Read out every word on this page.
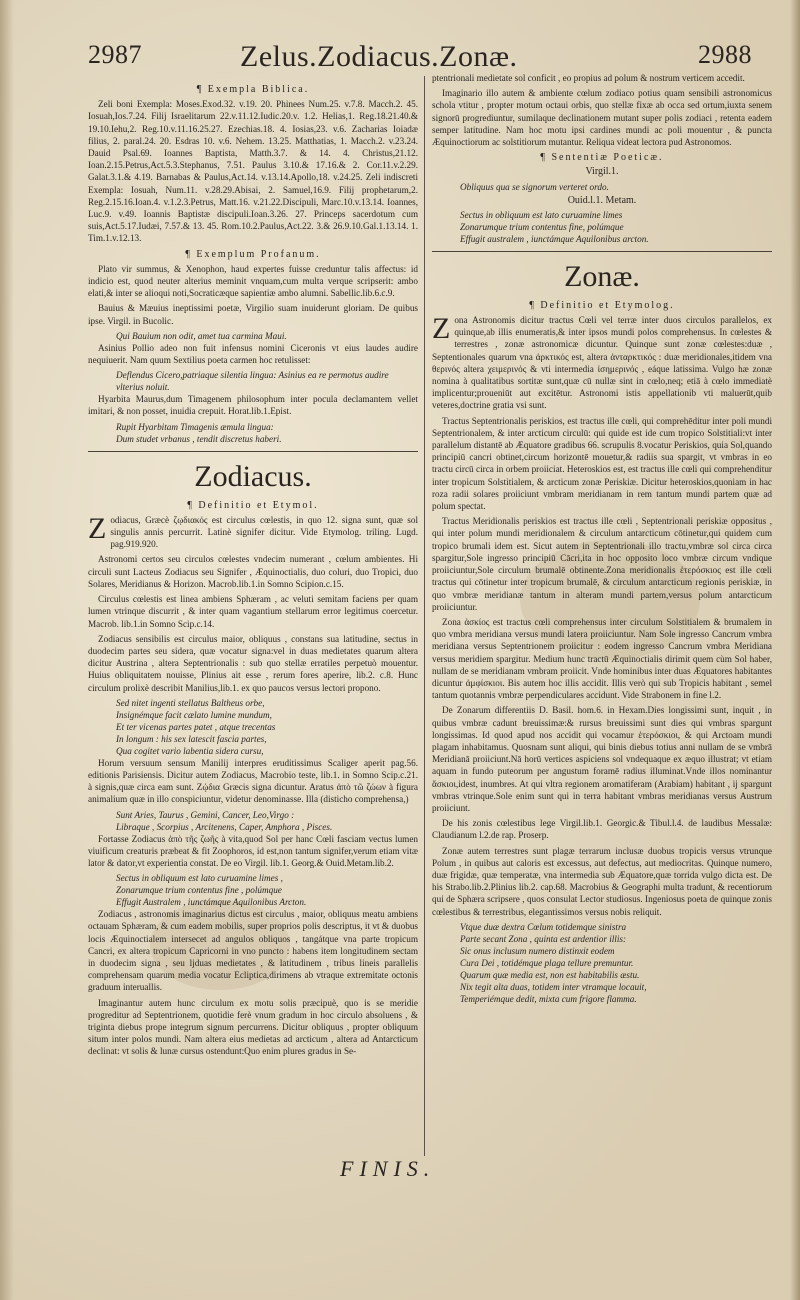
2987	Zelus.Zodiacus.Zonæ.	2988
¶ Exempla Biblica.
Zeli boni Exempla: Moses.Exod.32. v.19. 20. Phinees Num.25. v.7.8. Macch.2. 45. Iosuah,Ios.7.24. Filij Israelitarum 22.v.11.12.Iudic.20.v. 1.2. Helias,1. Reg.18.21.40.& 19.10.Iehu,2. Reg.10.v.11.16.25.27. Ezechias.18. 4. Iosias,23. v.6. Zacharias Ioiadæ filius, 2. paral.24. 20. Esdras 10. v.6. Nehem. 13.25. Matthatias, 1. Macch.2. v.23.24. Dauid Psal.69. Ioannes Baptista, Matth.3.7. & 14. 4. Christus,21.12. Ioan.2.15.Petrus,Act.5.3.Stephanus, 7.51. Paulus 3.10.& 17.16.& 2. Cor.11.v.2.29. Galat.3.1.& 4.19. Barnabas & Paulus,Act.14. v.13.14.Apollo,18. v.24.25. Zeli indiscreti Exempla: Iosuah, Num.11. v.28.29.Abisai, 2. Samuel,16.9. Filij prophetarum,2. Reg.2.15.16.Ioan.4. v.1.2.3.Petrus, Matt.16. v.21.22.Discipuli, Marc.10.v.13.14. Ioannes, Luc.9. v.49. Ioannis Baptistæ discipuli.Ioan.3.26. 27. Princeps sacerdotum cum suis,Act.5.17.Iudæi, 7.57.& 13. 45. Rom.10.2.Paulus,Act.22. 3.& 26.9.10.Gal.1.13.14. 1. Tim.1.v.12.13.
¶ Exemplum Profanum.
Plato vir summus, & Xenophon, haud expertes fuisse creduntur talis affectus: id indicio est, quod neuter alterius meminit vnquam,cum multa verque scripserit: ambo elati,& inter se alioqui noti,Socraticæque sapientiæ ambo alumni. Sabellic.lib.6.c.9.
Bauius & Mæuius ineptissimi poetæ, Virgilio suam inuiderunt gloriam. De quibus ipse. Virgil. in Bucolic.
Qui Bauium non odit, amet tua carmina Maui.
Asinius Pollio adeo non fuit infensus nomini Ciceronis vt eius laudes audire nequiuerit. Nam quum Sextilius poeta carmen hoc retulisset:
Deflendus Cicero,patriaque silentia lingua: Asinius ea re permotus audire vlterius noluit.
Hyarbita Maurus,dum Timagenem philosophum inter pocula declamantem vellet imitari, & non posset, inuidia crepuit. Horat.lib.1.Epist.
Rupit Hyarbitam Timagenis æmula lingua:
Dum studet vrbanus , tendit discretus haberi.
Zodiacus.
¶ Definitio et Etymol.
Zodiacus, Græcè ζῳδιακός est circulus cœlestis, in quo 12. signa sunt, quæ sol singulis annis percurrit. Latinè signifer dicitur. Vide Etymolog. triling. Lugd. pag.919.920.
Astronomi certos seu circulos cœlestes vndecim numerant , cœlum ambientes. Hi circuli sunt Lacteus Zodiacus seu Signifer , Æquinoctialis, duo coluri, duo Tropici, duo Solares, Meridianus & Horizon. Macrob.lib.1.in Somno Scipion.c.15.
Circulus cœlestis est linea ambiens Sphæram , ac veluti semitam faciens per quam lumen vtrinque discurrit , & inter quam vagantium stellarum error legitimus coercetur. Macrob. lib.1.in Somno Scip.c.14.
Zodiacus sensibilis est circulus maior, obliquus , constans sua latitudine, sectus in duodecim partes seu sidera, quæ vocatur signa:vel in duas medietates quarum altera dicitur Austrina , altera Septentrionalis : sub quo stellæ erratiles perpetuò mouentur. Huius obliquitatem nouisse, Plinius ait esse , rerum fores aperire, lib.2. c.8. Hunc circulum prolixè describit Manilius,lib.1. ex quo paucos versus lectori propono.
Sed nitet ingenti stellatus Baltheus orbe,
Insignémque facit cælato lumine mundum,
Et ter vicenas partes patet , atque trecentas
In longum : his sex latescit fascia partes,
Qua cogitet vario labentia sidera cursu,
Horum versuum sensum Manilij interpres eruditissimus Scaliger aperit pag.56. editionis Parisiensis. Dicitur autem Zodiacus, Macrobio teste, lib.1. in Somno Scip.c.21. à signis,quæ circa eam sunt. Ζῴδια Græcis signa dicuntur. Aratus ἀπὸ τῶ ζώων à figura animalium quæ in illo conspiciuntur, videtur denominasse. Illa (disticho comprehensa,)
Sunt Aries, Taurus , Gemini, Cancer, Leo,Virgo :
Libraque , Scorpius , Arcitenens, Caper, Amphora , Pisces.
Fortasse Zodiacus ἀπὸ τῆς ζωῆς à vita,quod Sol per hanc Cœli fasciam vectus lumen viuificum creaturis præbeat & fit Zoophoros, id est,non tantum signifer,verum etiam vitæ lator & dator,vt experientia constat. De eo Virgil. lib.1. Georg.& Ouid.Metam.lib.2.
Sectus in obliquum est lato curuamine limes ,
Zonarumque trium contentus fine , polúmque
Effugit Australem , iunctámque Aquilonibus Arcton.
Zodiacus , astronomis imaginarius dictus est circulus , maior, obliquus meatu ambiens octauam Sphæram, & cum eadem mobilis, super proprios polis descriptus, it vt & duobus locis Æquinoctialem intersecet ad angulos obliquos , tangátque vna parte tropicum Cancri, ex altera tropicum Capricorni in vno puncto : habens item longitudinem sectam in duodecim signa , seu ljduas medietates , & latitudinem , tribus lineis parallelis comprehensam quarum media vocatur Ecliptica,dirimens ab vtraque extremitate octonis graduum interuallis.
Imaginantur autem hunc circulum ex motu solis præcipuè, quo is se meridie progreditur ad Septentrionem, quotidie ferè vnum gradum in hoc circulo absoluens , & triginta diebus prope integrum signum percurrens. Dicitur obliquus , propter obliquum situm inter polos mundi. Nam altera eius medietas ad arcticum , altera ad Antarcticum declinat: vt solis & lunæ cursus ostendunt:Quo enim plures gradus in Se-
ptentrionali medietate sol conficit , eo propius ad polum & nostrum verticem accedit.
Imaginario illo autem & ambiente cœlum zodiaco potius quam sensibili astronomicus schola vtitur , propter motum octaui orbis, quo stellæ fixæ ab occa sed ortum,iuxta senem signorū progrediuntur, sumilaque declinationem mutant super polis zodiaci , retenta eadem semper latitudine. Nam hoc motu ipsi cardines mundi ac poli mouentur , & puncta Æquinoctiorum ac solstitiorum mutantur. Reliqua videat lectora pud Astronomos.
¶ Sententiæ Poeticæ.
Virgil.1.
Obliquus qua se signorum verteret ordo.
Ouid.l.1. Metam.
Sectus in obliquum est lato curuamine limes
Zonarumque trium contentus fine, polúmque
Effugit australem , iunctámque Aquilonibus arcton.
Zonæ.
¶ Definitio et Etymolog.
Zona Astronomis dicitur tractus Cœli vel terræ inter duos circulos parallelos, ex quinque,ab illis enumeratis,& inter ipsos mundi polos comprehensus. In cœlestes & terrestres , zonæ astronomicæ dicuntur. Quinque sunt zonæ cœlestes:duæ , Septentionales quarum vna ἀρκτικός est, altera ἀνταρκτικός : duæ meridionales,itidem vna θερινός altera χειμερινός & vti intermedia ἰσημερινός , eáque latissima. Vulgo hæ zonæ nomina à qualitatibus sortitæ sunt,quæ cū nullæ sint in cœlo,neq; etiā à cœlo immediatè implicentur;proueniūt aut excitētur. Astronomi istis appellationib vti maluerūt,quib veteres,doctrine gratia vsi sunt.
Tractus Septentrionalis periskios, est tractus ille cœli, qui comprehēditur inter poli mundi Septentrionalem, & inter arcticum circulū: qui quide est ide cum tropico Solstitiali:vt inter parallelum distantē ab Æquatore gradibus 66. scrupulis 8.vocatur Periskios, quia Sol,quando principiū cancri obtinet,circum horizontē mouetur,& radiis sua spargit, vt vmbras in eo tractu circū circa in orbem proiiciat. Heteroskios est, est tractus ille cœli qui comprehenditur inter tropicum Solstitialem, & arcticum zonæ Periskiæ. Dicitur heteroskios,quoniam in hac roza radii solares proiiciunt vmbram meridianam in rem tantum mundi partem quæ ad polum spectat.
Tractus Meridionalis periskios est tractus ille cœli , Septentrionali periskiæ oppositus , qui inter polum mundi meridionalem & circulum antarcticum cōtinetur,qui quidem cum tropico brumali idem est. Sicut autem in Septentrionali illo tractu,vmbræ sol circa circa spargitur,Sole ingresso principiū Cācri,ita in hoc opposito loco vmbræ circum vndique proiiciuntur,Sole circulum brumalē obtinente.Zona meridionalis ἑτερόσκιος est ille cœli tractus qui cōtinetur inter tropicum brumalē, & circulum antarcticum regionis periskiæ, in quo vmbræ meridianæ tantum in alteram mundi partem,versus polum antarcticum proiiciuntur.
Zona ἀσκίος est tractus cœli comprehensus inter circulum Solstitialem & brumalem in quo vmbra meridiana versus mundi latera proiiciuntur. Nam Sole ingresso Cancrum vmbra meridiana versus Septentrionem proiicitur : eodem ingresso Cancrum vmbra Meridiana versus meridiem spargitur. Medium hunc tractū Æquinoctialis dirimit quem cùm Sol haber, nullam de se meridianam vmbram proiicit. Vnde hominibus inter duas Æquatores habitantes dicuntur ἀμφίσκιοι. Bis autem hoc illis accidit. Illis verò qui sub Tropicis habitant , semel tantum quotannis vmbræ perpendiculares accidunt. Vide Strabonem in fine l.2.
De Zonarum differentiis D. Basil. hom.6. in Hexam.Dies longissimi sunt, inquit , in quibus vmbræ cadunt breuissimæ:& rursus breuissimi sunt dies qui vmbras spargunt longissimas. Id quod apud nos accidit qui vocamur ἑτερόσκιοι, & qui Arctoam mundi plagam inhabitamus. Quosnam sunt aliqui, qui binis diebus totius anni nullam de se vmbrā Meridianā proiiciunt.Nā horū vertices aspiciens sol vndequaque ex æquo illustrat; vt etiam aquam in fundo puteorum per angustum foramē radius illuminat.Vnde illos nominantur ἄσκιοι,idest, inumbres. At qui vltra regionem aromatiferam (Arabiam) habitant , ij spargunt vmbras vtrinque.Sole enim sunt qui in terra habitant vmbras meridianas versus Austrum proiiciunt.
De his zonis cœlestibus lege Virgil.lib.1. Georgic.& Tibul.l.4. de laudibus Messalæ: Claudianum l.2.de rap. Proserp.
Zonæ autem terrestres sunt plagæ terrarum inclusæ duobus tropicis versus vtrunque Polum , in quibus aut caloris est excessus, aut defectus, aut mediocritas. Quinque numero, duæ frigidæ, quæ temperatæ, vna intermedia sub Æquatore,quæ torrida vulgo dicta est. De his Strabo.lib.2.Plinius lib.2. cap.68. Macrobius & Geographi multa tradunt, & recentiorum qui de Sphæra scripsere , quos consulat Lector studiosus. Ingeniosus poeta de quinque zonis cœlestibus & terrestribus, elegantissimos versus nobis reliquit.
Vtque duæ dextra Cœlum totidemque sinistra
Parte secant Zona , quinta est ardentior illis:
Sic onus inclusum numero distinxit eodem
Cura Dei , totidémque plaga tellure premuntur.
Quarum quæ media est, non est habitabilis æstu.
Nix tegit alta duas, totidem inter vtramque locauit,
Temperiémque dedit, mixta cum frigore flamma.
FINIS.
